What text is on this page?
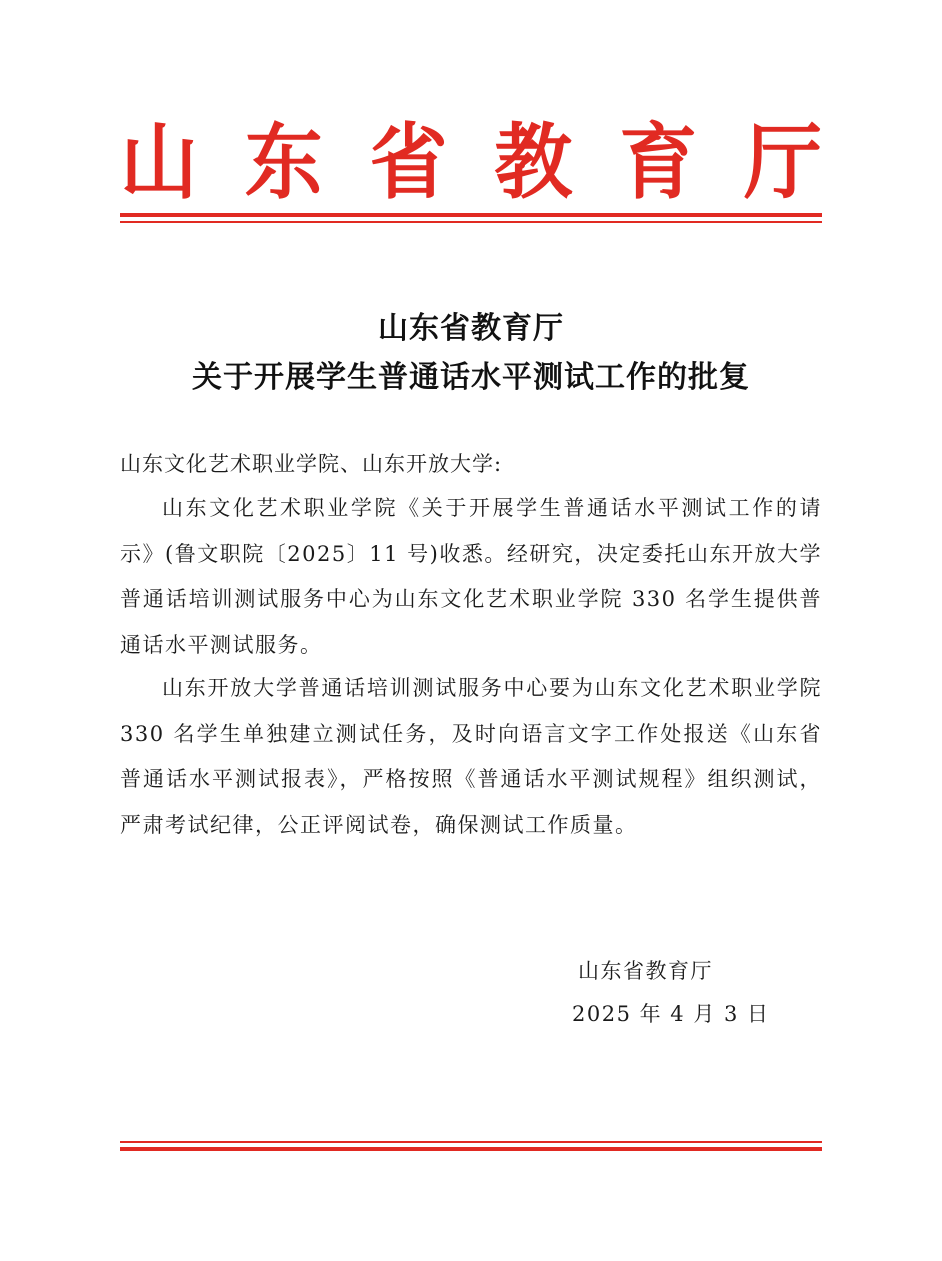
山 东 省 教 育 厅
山东省教育厅
关于开展学生普通话水平测试工作的批复
山东文化艺术职业学院、山东开放大学:

山东文化艺术职业学院《关于开展学生普通话水平测试工作的请示》(鲁文职院〔2025〕11 号)收悉。经研究，决定委托山东开放大学普通话培训测试服务中心为山东文化艺术职业学院 330 名学生提供普通话水平测试服务。

山东开放大学普通话培训测试服务中心要为山东文化艺术职业学院 330 名学生单独建立测试任务，及时向语言文字工作处报送《山东省普通话水平测试报表》，严格按照《普通话水平测试规程》组织测试，严肃考试纪律，公正评阅试卷，确保测试工作质量。

山东省教育厅
2025 年 4 月 3 日
